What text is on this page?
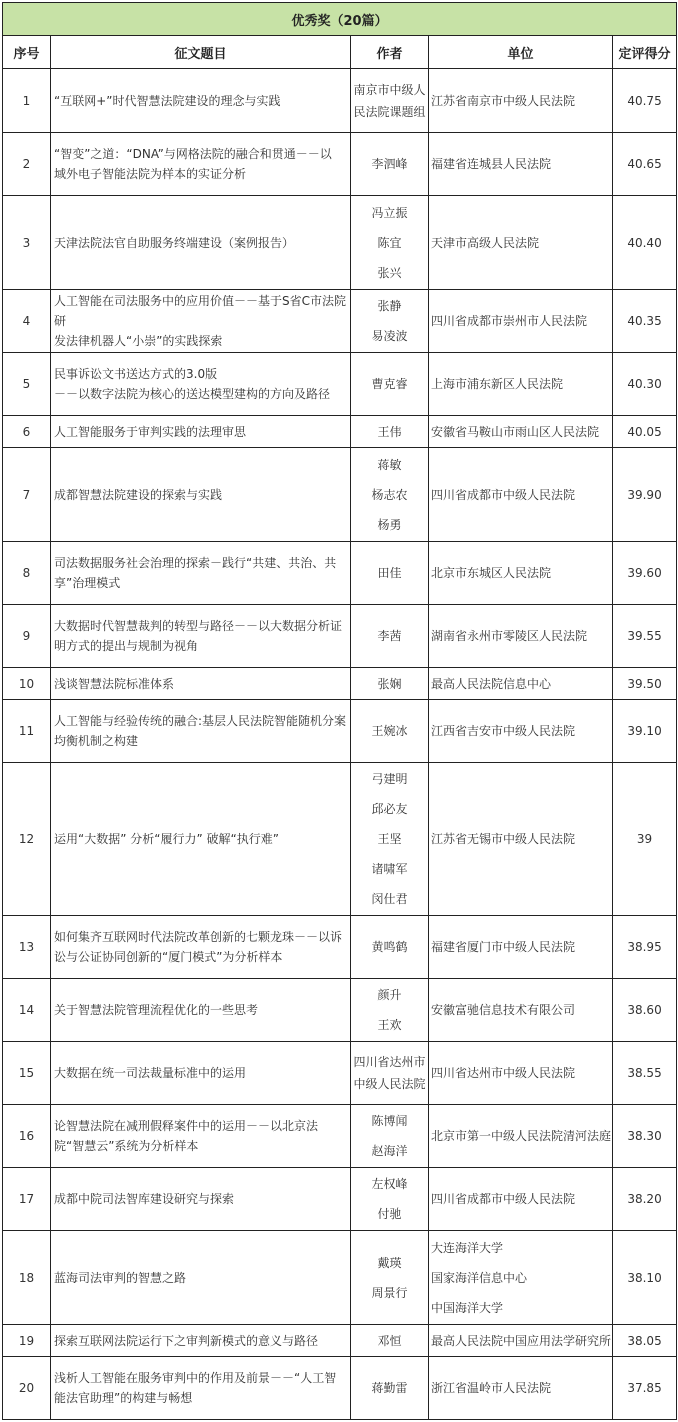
优秀奖（20篇）				
序号	征文题目	作者	单位	定评得分
1	“互联网+”时代智慧法院建设的理念与实践	南京市中级人
民法院课题组	江苏省南京市中级人民法院	40.75
2	“智变”之道：“DNA”与网格法院的融合和贯通－－以
域外电子智能法院为样本的实证分析	李泗峰	福建省连城县人民法院	40.65
3	天津法院法官自助服务终端建设（案例报告）	冯立振
陈宜
张兴	天津市高级人民法院	40.40
4	人工智能在司法服务中的应用价值－－基于S省C市法院研
发法律机器人“小崇”的实践探索	张静
易凌波	四川省成都市崇州市人民法院	40.35
5	民事诉讼文书送达方式的3.0版
－－以数字法院为核心的送达模型建构的方向及路径	曹克睿	上海市浦东新区人民法院	40.30
6	人工智能服务于审判实践的法理审思	王伟	安徽省马鞍山市雨山区人民法院	40.05
7	成都智慧法院建设的探索与实践	蒋敏
杨志农
杨勇	四川省成都市中级人民法院	39.90
8	司法数据服务社会治理的探索－践行“共建、共治、共
享”治理模式	田佳	北京市东城区人民法院	39.60
9	大数据时代智慧裁判的转型与路径－－以大数据分析证
明方式的提出与规制为视角	李茜	湖南省永州市零陵区人民法院	39.55
10	浅谈智慧法院标准体系	张娴	最高人民法院信息中心	39.50
11	人工智能与经验传统的融合:基层人民法院智能随机分案
均衡机制之构建	王婉冰	江西省吉安市中级人民法院	39.10
12	运用“大数据” 分析“履行力” 破解“执行难”	弓建明
邱必友
王坚
诸啸军
闵仕君	江苏省无锡市中级人民法院	39
13	如何集齐互联网时代法院改革创新的七颗龙珠－－以诉
讼与公证协同创新的“厦门模式”为分析样本	黄鸣鹤	福建省厦门市中级人民法院	38.95
14	关于智慧法院管理流程优化的一些思考	颜升
王欢	安徽富驰信息技术有限公司	38.60
15	大数据在统一司法裁量标准中的运用	四川省达州市
中级人民法院	四川省达州市中级人民法院	38.55
16	论智慧法院在减刑假释案件中的运用－－以北京法
院“智慧云”系统为分析样本	陈博闻
赵海洋	北京市第一中级人民法院清河法庭	38.30
17	成都中院司法智库建设研究与探索	左权峰
付驰	四川省成都市中级人民法院	38.20
18	蓝海司法审判的智慧之路	戴瑛
周景行	大连海洋大学
国家海洋信息中心
中国海洋大学	38.10
19	探索互联网法院运行下之审判新模式的意义与路径	邓恒	最高人民法院中国应用法学研究所	38.05
20	浅析人工智能在服务审判中的作用及前景－－“人工智
能法官助理”的构建与畅想	蒋勤雷	浙江省温岭市人民法院	37.85
